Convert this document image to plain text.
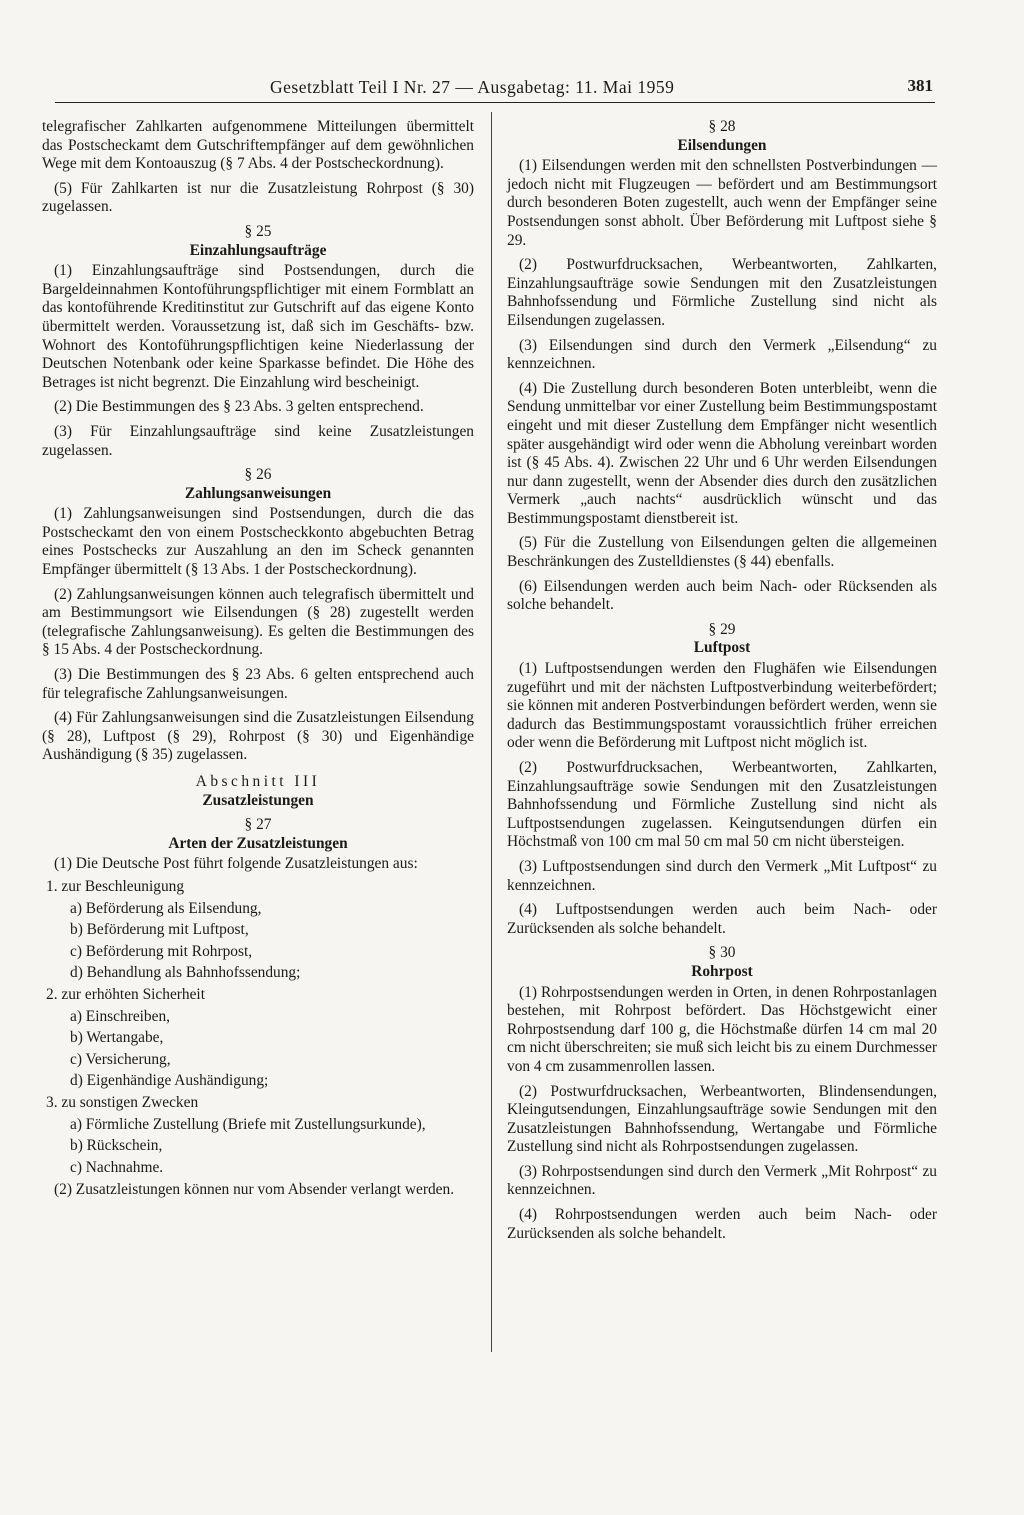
Gesetzblatt Teil I Nr. 27 — Ausgabetag: 11. Mai 1959	381

telegrafischer Zahlkarten aufgenommene Mitteilungen übermittelt das Postscheckamt dem Gutschriftempfänger auf dem gewöhnlichen Wege mit dem Kontoauszug (§ 7 Abs. 4 der Postscheckordnung).

(5) Für Zahlkarten ist nur die Zusatzleistung Rohrpost (§ 30) zugelassen.

§ 25
Einzahlungsaufträge

(1) Einzahlungsaufträge sind Postsendungen, durch die Bargeldeinnahmen Kontoführungspflichtiger mit einem Formblatt an das kontoführende Kreditinstitut zur Gutschrift auf das eigene Konto übermittelt werden. Voraussetzung ist, daß sich im Geschäfts- bzw. Wohnort des Kontoführungspflichtigen keine Niederlassung der Deutschen Notenbank oder keine Sparkasse befindet. Die Höhe des Betrages ist nicht begrenzt. Die Einzahlung wird bescheinigt.

(2) Die Bestimmungen des § 23 Abs. 3 gelten entsprechend.

(3) Für Einzahlungsaufträge sind keine Zusatzleistungen zugelassen.

§ 26
Zahlungsanweisungen

(1) Zahlungsanweisungen sind Postsendungen, durch die das Postscheckamt den von einem Postscheckkonto abgebuchten Betrag eines Postschecks zur Auszahlung an den im Scheck genannten Empfänger übermittelt (§ 13 Abs. 1 der Postscheckordnung).

(2) Zahlungsanweisungen können auch telegrafisch übermittelt und am Bestimmungsort wie Eilsendungen (§ 28) zugestellt werden (telegrafische Zahlungsanweisung). Es gelten die Bestimmungen des § 15 Abs. 4 der Postscheckordnung.

(3) Die Bestimmungen des § 23 Abs. 6 gelten entsprechend auch für telegrafische Zahlungsanweisungen.

(4) Für Zahlungsanweisungen sind die Zusatzleistungen Eilsendung (§ 28), Luftpost (§ 29), Rohrpost (§ 30) und Eigenhändige Aushändigung (§ 35) zugelassen.

Abschnitt III
Zusatzleistungen
§ 27
Arten der Zusatzleistungen

(1) Die Deutsche Post führt folgende Zusatzleistungen aus:

1. zur Beschleunigung
a) Beförderung als Eilsendung,
b) Beförderung mit Luftpost,
c) Beförderung mit Rohrpost,
d) Behandlung als Bahnhofssendung;
2. zur erhöhten Sicherheit
a) Einschreiben,
b) Wertangabe,
c) Versicherung,
d) Eigenhändige Aushändigung;
3. zu sonstigen Zwecken
a) Förmliche Zustellung (Briefe mit Zustellungsurkunde),
b) Rückschein,
c) Nachnahme.

(2) Zusatzleistungen können nur vom Absender verlangt werden.

§ 28
Eilsendungen

(1) Eilsendungen werden mit den schnellsten Postverbindungen — jedoch nicht mit Flugzeugen — befördert und am Bestimmungsort durch besonderen Boten zugestellt, auch wenn der Empfänger seine Postsendungen sonst abholt. Über Beförderung mit Luftpost siehe § 29.

(2) Postwurfdrucksachen, Werbeantworten, Zahlkarten, Einzahlungsaufträge sowie Sendungen mit den Zusatzleistungen Bahnhofssendung und Förmliche Zustellung sind nicht als Eilsendungen zugelassen.

(3) Eilsendungen sind durch den Vermerk „Eilsendung“ zu kennzeichnen.

(4) Die Zustellung durch besonderen Boten unterbleibt, wenn die Sendung unmittelbar vor einer Zustellung beim Bestimmungspostamt eingeht und mit dieser Zustellung dem Empfänger nicht wesentlich später ausgehändigt wird oder wenn die Abholung vereinbart worden ist (§ 45 Abs. 4). Zwischen 22 Uhr und 6 Uhr werden Eilsendungen nur dann zugestellt, wenn der Absender dies durch den zusätzlichen Vermerk „auch nachts“ ausdrücklich wünscht und das Bestimmungspostamt dienstbereit ist.

(5) Für die Zustellung von Eilsendungen gelten die allgemeinen Beschränkungen des Zustelldienstes (§ 44) ebenfalls.

(6) Eilsendungen werden auch beim Nach- oder Rücksenden als solche behandelt.

§ 29
Luftpost

(1) Luftpostsendungen werden den Flughäfen wie Eilsendungen zugeführt und mit der nächsten Luftpostverbindung weiterbefördert; sie können mit anderen Postverbindungen befördert werden, wenn sie dadurch das Bestimmungspostamt voraussichtlich früher erreichen oder wenn die Beförderung mit Luftpost nicht möglich ist.

(2) Postwurfdrucksachen, Werbeantworten, Zahlkarten, Einzahlungsaufträge sowie Sendungen mit den Zusatzleistungen Bahnhofssendung und Förmliche Zustellung sind nicht als Luftpostsendungen zugelassen. Keingutsendungen dürfen ein Höchstmaß von 100 cm mal 50 cm mal 50 cm nicht übersteigen.

(3) Luftpostsendungen sind durch den Vermerk „Mit Luftpost“ zu kennzeichnen.

(4) Luftpostsendungen werden auch beim Nach- oder Zurücksenden als solche behandelt.

§ 30
Rohrpost

(1) Rohrpostsendungen werden in Orten, in denen Rohrpostanlagen bestehen, mit Rohrpost befördert. Das Höchstgewicht einer Rohrpostsendung darf 100 g, die Höchstmaße dürfen 14 cm mal 20 cm nicht überschreiten; sie muß sich leicht bis zu einem Durchmesser von 4 cm zusammenrollen lassen.

(2) Postwurfdrucksachen, Werbeantworten, Blindensendungen, Kleingutsendungen, Einzahlungsaufträge sowie Sendungen mit den Zusatzleistungen Bahnhofssendung, Wertangabe und Förmliche Zustellung sind nicht als Rohrpostsendungen zugelassen.

(3) Rohrpostsendungen sind durch den Vermerk „Mit Rohrpost“ zu kennzeichnen.

(4) Rohrpostsendungen werden auch beim Nach- oder Zurücksenden als solche behandelt.
